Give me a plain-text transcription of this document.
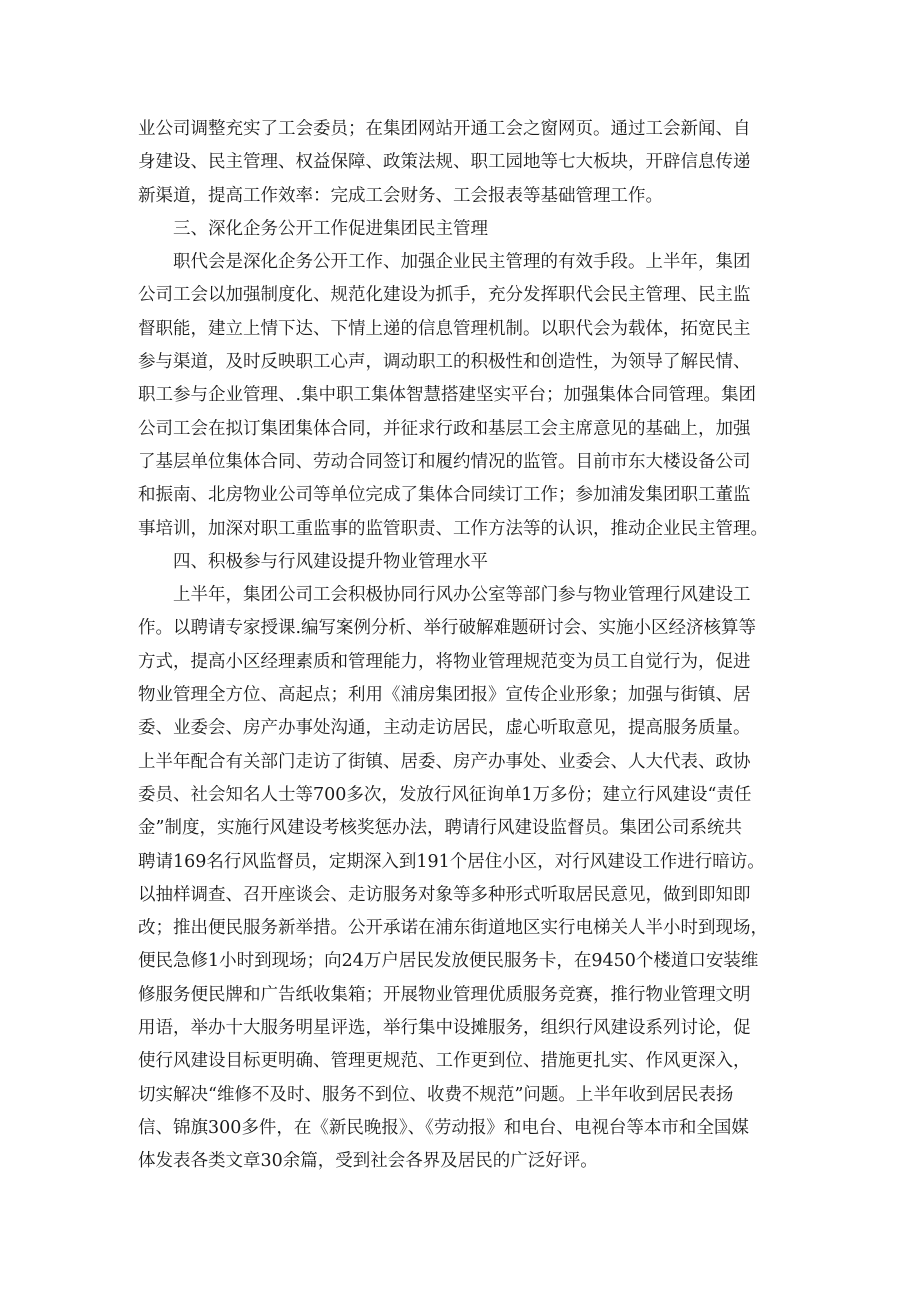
业公司调整充实了工会委员；在集团网站开通工会之窗网页。通过工会新闻、自
身建设、民主管理、权益保障、政策法规、职工园地等七大板块，开辟信息传递
新渠道，提高工作效率：完成工会财务、工会报表等基础管理工作。
三、深化企务公开工作促进集团民主管理
职代会是深化企务公开工作、加强企业民主管理的有效手段。上半年，集团
公司工会以加强制度化、规范化建设为抓手，充分发挥职代会民主管理、民主监
督职能，建立上情下达、下情上递的信息管理机制。以职代会为载体，拓宽民主
参与渠道，及时反映职工心声，调动职工的积极性和创造性，为领导了解民情、
职工参与企业管理、.集中职工集体智慧搭建坚实平台；加强集体合同管理。集团
公司工会在拟订集团集体合同，并征求行政和基层工会主席意见的基础上，加强
了基层单位集体合同、劳动合同签订和履约情况的监管。目前市东大楼设备公司
和振南、北房物业公司等单位完成了集体合同续订工作；参加浦发集团职工董监
事培训，加深对职工重监事的监管职责、工作方法等的认识，推动企业民主管理。
四、积极参与行风建设提升物业管理水平
上半年，集团公司工会积极协同行风办公室等部门参与物业管理行风建设工
作。以聘请专家授课.编写案例分析、举行破解难题研讨会、实施小区经济核算等
方式，提高小区经理素质和管理能力，将物业管理规范变为员工自觉行为，促进
物业管理全方位、高起点；利用《浦房集团报》宣传企业形象；加强与街镇、居
委、业委会、房产办事处沟通，主动走访居民，虚心听取意见，提高服务质量。
上半年配合有关部门走访了街镇、居委、房产办事处、业委会、人大代表、政协
委员、社会知名人士等700多次，发放行风征询单1万多份；建立行风建设“责任
金”制度，实施行风建设考核奖惩办法，聘请行风建设监督员。集团公司系统共
聘请169名行风监督员，定期深入到191个居住小区，对行风建设工作进行暗访。
以抽样调查、召开座谈会、走访服务对象等多种形式听取居民意见，做到即知即
改；推出便民服务新举措。公开承诺在浦东街道地区实行电梯关人半小时到现场，
便民急修1小时到现场；向24万户居民发放便民服务卡，在9450个楼道口安装维
修服务便民牌和广告纸收集箱；开展物业管理优质服务竞赛，推行物业管理文明
用语，举办十大服务明星评选，举行集中设摊服务，组织行风建设系列讨论，促
使行风建设目标更明确、管理更规范、工作更到位、措施更扎实、作风更深入，
切实解决“维修不及时、服务不到位、收费不规范”问题。上半年收到居民表扬
信、锦旗300多件，在《新民晚报》、《劳动报》和电台、电视台等本市和全国媒
体发表各类文章30余篇，受到社会各界及居民的广泛好评。
